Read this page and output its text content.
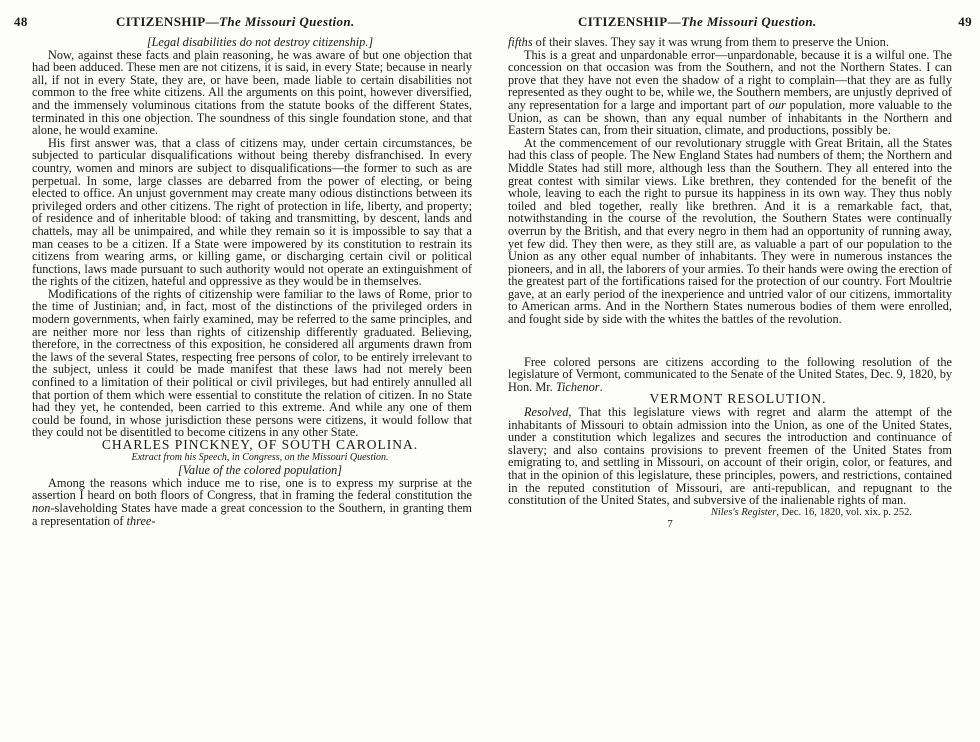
48	CITIZENSHIP—The Missouri Question.

[Legal disabilities do not destroy citizenship.]

Now, against these facts and plain reasoning, he was aware of but one objection that had been adduced. These men are not citizens, it is said, in every State; because in nearly all, if not in every State, they are, or have been, made liable to certain disabilities not common to the free white citizens. All the arguments on this point, however diversified, and the immensely voluminous citations from the statute books of the different States, terminated in this one objection. The soundness of this single foundation stone, and that alone, he would examine.

His first answer was, that a class of citizens may, under certain circumstances, be subjected to particular disqualifications without being thereby disfranchised. In every country, women and minors are subject to disqualifications—the former to such as are perpetual. In some, large classes are debarred from the power of electing, or being elected to office. An unjust government may create many odious distinctions between its privileged orders and other citizens. The right of protection in life, liberty, and property; of residence and of inheritable blood: of taking and transmitting, by descent, lands and chattels, may all be unimpaired, and while they remain so it is impossible to say that a man ceases to be a citizen. If a State were impowered by its constitution to restrain its citizens from wearing arms, or killing game, or discharging certain civil or political functions, laws made pursuant to such authority would not operate an extinguishment of the rights of the citizen, hateful and oppressive as they would be in themselves.

Modifications of the rights of citizenship were familiar to the laws of Rome, prior to the time of Justinian; and, in fact, most of the distinctions of the privileged orders in modern governments, when fairly examined, may be referred to the same principles, and are neither more nor less than rights of citizenship differently graduated. Believing, therefore, in the correctness of this exposition, he considered all arguments drawn from the laws of the several States, respecting free persons of color, to be entirely irrelevant to the subject, unless it could be made manifest that these laws had not merely been confined to a limitation of their political or civil privileges, but had entirely annulled all that portion of them which were essential to constitute the relation of citizen. In no State had they yet, he contended, been carried to this extreme. And while any one of them could be found, in whose jurisdiction these persons were citizens, it would follow that they could not be disentitled to become citizens in any other State.

CHARLES PINCKNEY, OF SOUTH CAROLINA.

Extract from his Speech, in Congress, on the Missouri Question.

[Value of the colored population]

Among the reasons which induce me to rise, one is to express my surprise at the assertion I heard on both floors of Congress, that in framing the federal constitution the non-slaveholding States have made a great concession to the Southern, in granting them a representation of three-

CITIZENSHIP—The Missouri Question.	49

fifths of their slaves. They say it was wrung from them to preserve the Union.

This is a great and unpardonable error—unpardonable, because it is a wilful one. The concession on that occasion was from the Southern, and not the Northern States. I can prove that they have not even the shadow of a right to complain—that they are as fully represented as they ought to be, while we, the Southern members, are unjustly deprived of any representation for a large and important part of our population, more valuable to the Union, as can be shown, than any equal number of inhabitants in the Northern and Eastern States can, from their situation, climate, and productions, possibly be.

At the commencement of our revolutionary struggle with Great Britain, all the States had this class of people. The New England States had numbers of them; the Northern and Middle States had still more, although less than the Southern. They all entered into the great contest with similar views. Like brethren, they contended for the benefit of the whole, leaving to each the right to pursue its happiness in its own way. They thus nobly toiled and bled together, really like brethren. And it is a remarkable fact, that, notwithstanding in the course of the revolution, the Southern States were continually overrun by the British, and that every negro in them had an opportunity of running away, yet few did. They then were, as they still are, as valuable a part of our population to the Union as any other equal number of inhabitants. They were in numerous instances the pioneers, and in all, the laborers of your armies. To their hands were owing the erection of the greatest part of the fortifications raised for the protection of our country. Fort Moultrie gave, at an early period of the inexperience and untried valor of our citizens, immortality to American arms. And in the Northern States numerous bodies of them were enrolled, and fought side by side with the whites the battles of the revolution.

Free colored persons are citizens according to the following resolution of the legislature of Vermont, communicated to the Senate of the United States, Dec. 9, 1820, by Hon. Mr. Tichenor.

VERMONT RESOLUTION.

Resolved, That this legislature views with regret and alarm the attempt of the inhabitants of Missouri to obtain admission into the Union, as one of the United States, under a constitution which legalizes and secures the introduction and continuance of slavery; and also contains provisions to prevent freemen of the United States from emigrating to, and settling in Missouri, on account of their origin, color, or features, and that in the opinion of this legislature, these principles, powers, and restrictions, contained in the reputed constitution of Missouri, are anti-republican, and repugnant to the constitution of the United States, and subversive of the inalienable rights of man.

Niles's Register, Dec. 16, 1820, vol. xix. p. 252.

7
